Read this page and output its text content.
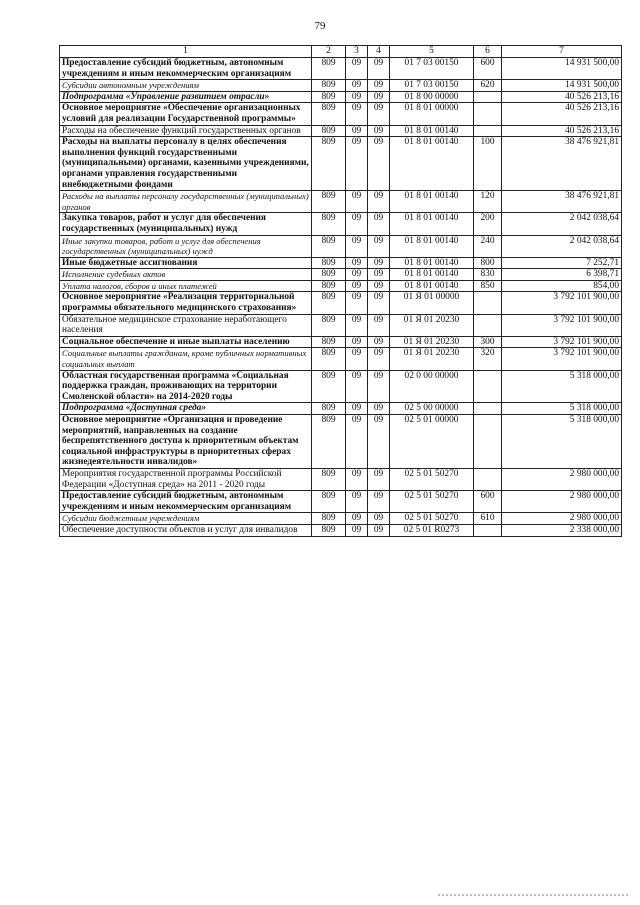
79
1	2	3	4	5	6	7
Предоставление субсидий бюджетным, автономным учреждениям и иным некоммерческим организациям	809	09	09	01 7 03 00150	600	14 931 500,00
Субсидии автономным учреждениям	809	09	09	01 7 03 00150	620	14 931 500,00
Подпрограмма «Управление развитием отрасли»	809	09	09	01 8 00 00000		40 526 213,16
Основное мероприятие «Обеспечение организационных условий для реализации Государственной программы»	809	09	09	01 8 01 00000		40 526 213,16
Расходы на обеспечение функций государственных органов	809	09	09	01 8 01 00140		40 526 213,16
Расходы на выплаты персоналу в целях обеспечения выполнения функций государственными (муниципальными) органами, казенными учреждениями, органами управления государственными внебюджетными фондами	809	09	09	01 8 01 00140	100	38 476 921,81
Расходы на выплаты персоналу государственных (муниципальных) органов	809	09	09	01 8 01 00140	120	38 476 921,81
Закупка товаров, работ и услуг для обеспечения государственных (муниципальных) нужд	809	09	09	01 8 01 00140	200	2 042 038,64
Иные закупки товаров, работ и услуг для обеспечения государственных (муниципальных) нужд	809	09	09	01 8 01 00140	240	2 042 038,64
Иные бюджетные ассигнования	809	09	09	01 8 01 00140	800	7 252,71
Исполнение судебных актов	809	09	09	01 8 01 00140	830	6 398,71
Уплата налогов, сборов и иных платежей	809	09	09	01 8 01 00140	850	854,00
Основное мероприятие «Реализация территориальной программы обязательного медицинского страхования»	809	09	09	01 Я 01 00000		3 792 101 900,00
Обязательное медицинское страхование неработающего населения	809	09	09	01 Я 01 20230		3 792 101 900,00
Социальное обеспечение и иные выплаты населению	809	09	09	01 Я 01 20230	300	3 792 101 900,00
Социальные выплаты гражданам, кроме публичных нормативных социальных выплат	809	09	09	01 Я 01 20230	320	3 792 101 900,00
Областная государственная программа «Социальная поддержка граждан, проживающих на территории Смоленской области» на 2014-2020 годы	809	09	09	02 0 00 00000		5 318 000,00
Подпрограмма «Доступная среда»	809	09	09	02 5 00 00000		5 318 000,00
Основное мероприятие «Организация и проведение мероприятий, направленных на создание беспрепятственного доступа к приоритетным объектам социальной инфраструктуры в приоритетных сферах жизнедеятельности инвалидов»	809	09	09	02 5 01 00000		5 318 000,00
Мероприятия государственной программы Российской Федерации «Доступная среда» на 2011 - 2020 годы	809	09	09	02 5 01 50270		2 980 000,00
Предоставление субсидий бюджетным, автономным учреждениям и иным некоммерческим организациям	809	09	09	02 5 01 50270	600	2 980 000,00
Субсидии бюджетным учреждениям	809	09	09	02 5 01 50270	610	2 980 000,00
Обеспечение доступности объектов и услуг для инвалидов	809	09	09	02 5 01 R0273		2 338 000,00
